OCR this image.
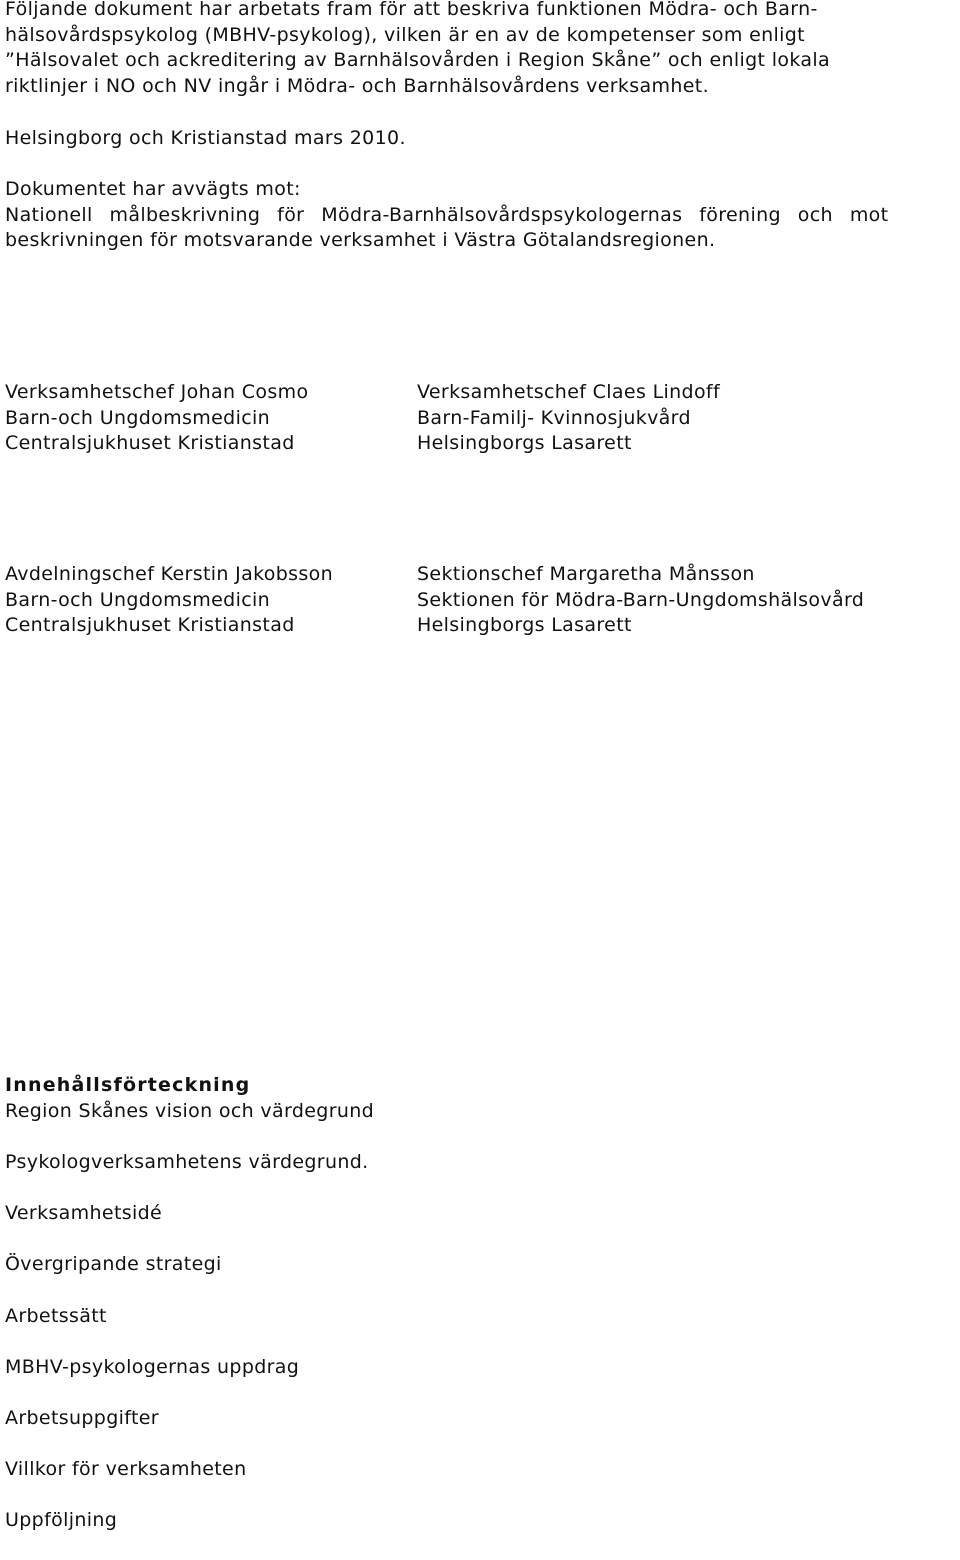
Följande dokument har arbetats fram för att beskriva funktionen Mödra- och Barn-
hälsovårdspsykolog (MBHV-psykolog), vilken är en av de kompetenser som enligt
”Hälsovalet och ackreditering av Barnhälsovården i Region Skåne” och enligt lokala
riktlinjer i NO och NV ingår i Mödra- och Barnhälsovårdens verksamhet.

Helsingborg och Kristianstad mars 2010.

Dokumentet har avvägts mot:
Nationell målbeskrivning för Mödra-Barnhälsovårdspsykologernas förening och mot
beskrivningen för motsvarande verksamhet i Västra Götalandsregionen.

Verksamhetschef Johan Cosmo
Barn-och Ungdomsmedicin
Centralsjukhuset Kristianstad
Verksamhetschef Claes Lindoff
Barn-Familj- Kvinnosjukvård
Helsingborgs Lasarett
Avdelningschef Kerstin Jakobsson
Barn-och Ungdomsmedicin
Centralsjukhuset Kristianstad
Sektionschef Margaretha Månsson
Sektionen för Mödra-Barn-Ungdomshälsovård
Helsingborgs Lasarett
Innehållsförteckning
Region Skånes vision och värdegrund
Psykologverksamhetens värdegrund.
Verksamhetsidé
Övergripande strategi
Arbetssätt
MBHV-psykologernas uppdrag
Arbetsuppgifter
Villkor för verksamheten
Uppföljning
